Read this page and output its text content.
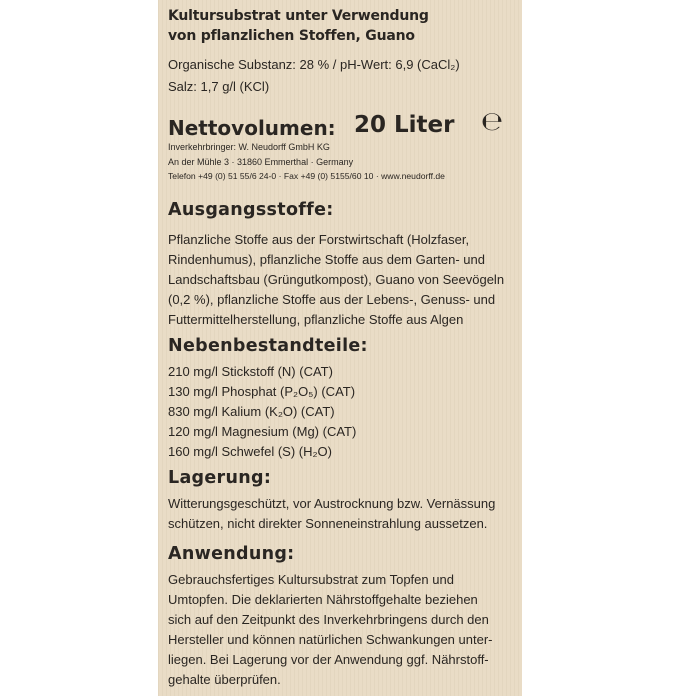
Kultursubstrat unter Verwendung
von pflanzlichen Stoffen, Guano
Organische Substanz: 28 % / pH-Wert: 6,9 (CaCl₂)
Salz: 1,7 g/l (KCl)
Nettovolumen: 20 Liter ℮
Inverkehrbringer: W. Neudorff GmbH KG
An der Mühle 3 · 31860 Emmerthal · Germany
Telefon +49 (0) 51 55/6 24-0 · Fax +49 (0) 5155/60 10 · www.neudorff.de
Ausgangsstoffe:
Pflanzliche Stoffe aus der Forstwirtschaft (Holzfaser,
Rindenhumus), pflanzliche Stoffe aus dem Garten- und
Landschaftsbau (Grüngutkompost), Guano von Seevögeln
(0,2 %), pflanzliche Stoffe aus der Lebens-, Genuss- und
Futtermittelherstellung, pflanzliche Stoffe aus Algen
Nebenbestandteile:
210 mg/l Stickstoff (N) (CAT)
130 mg/l Phosphat (P₂O₅) (CAT)
830 mg/l Kalium (K₂O) (CAT)
120 mg/l Magnesium (Mg) (CAT)
160 mg/l Schwefel (S) (H₂O)
Lagerung:
Witterungsgeschützt, vor Austrocknung bzw. Vernässung
schützen, nicht direkter Sonneneinstrahlung aussetzen.
Anwendung:
Gebrauchsfertiges Kultursubstrat zum Topfen und
Umtopfen. Die deklarierten Nährstoffgehalte beziehen
sich auf den Zeitpunkt des Inverkehrbringens durch den
Hersteller und können natürlichen Schwankungen unter-
liegen. Bei Lagerung vor der Anwendung ggf. Nährstoff-
gehalte überprüfen.
